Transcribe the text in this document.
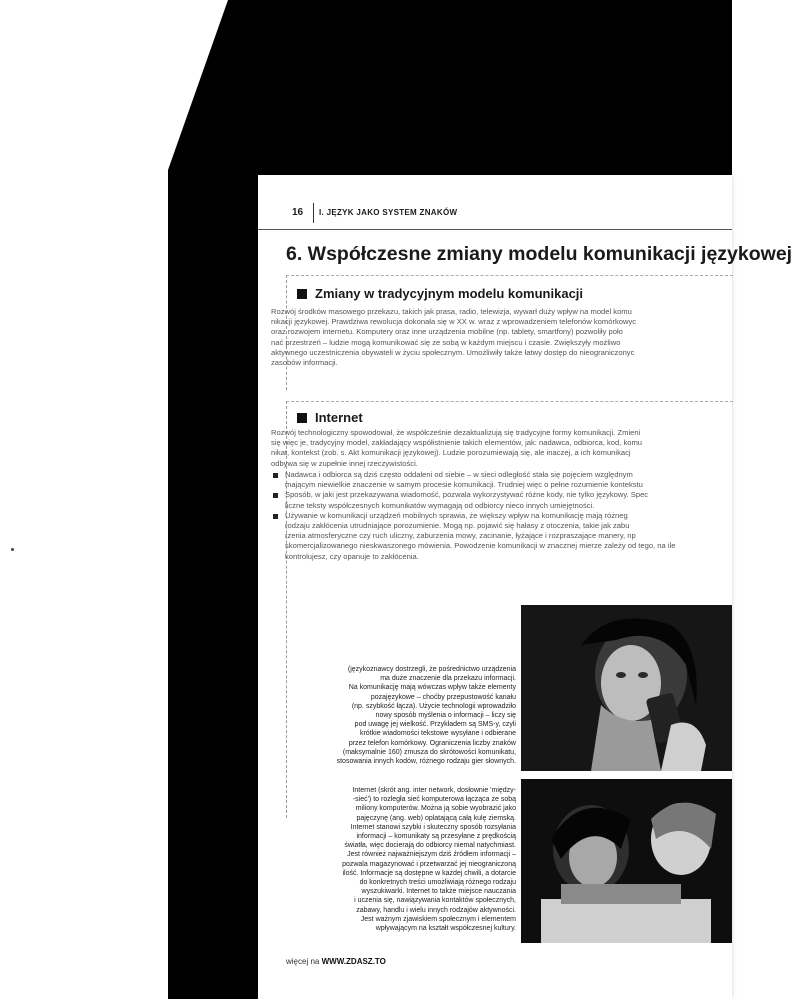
16 I. JĘZYK JAKO SYSTEM ZNAKÓW
6. Współczesne zmiany modelu komunikacji językowej
Zmiany w tradycyjnym modelu komunikacji
Rozwój środków masowego przekazu, takich jak prasa, radio, telewizja, wywarł duży wpływ na model komu
nikacji językowej. Prawdziwa rewolucja dokonała się w XX w. wraz z wprowadzeniem telefonów komórkowyc
oraz rozwojem internetu. Komputery oraz inne urządzenia mobilne (np. tablety, smartfony) pozwoliły poło
nać przestrzeń – ludzie mogą komunikować się ze sobą w każdym miejscu i czasie. Zwiększyły możliwo
aktywnego uczestniczenia obywateli w życiu społecznym. Umożliwiły także łatwy dostęp do nieograniczonyc
zasobów informacji.
Internet
Rozwój technologiczny spowodował, że współcześnie dezaktualizują się tradycyjne formy komunikacji. Zmieni
się więc je, tradycyjny model, zakładający współistnienie takich elementów, jak: nadawca, odbiorca, kod, komu
nikat, kontekst (zob. s. Akt komunikacji językowej). Ludzie porozumiewają się, ale inaczej, a ich komunikacj
odbywa się w zupełnie innej rzeczywistości.
Nadawca i odbiorca są dziś często oddaleni od siebie – w sieci odległość stała się pojęciem względnym
mającym niewielkie znaczenie w samym procesie komunikacji. Trudniej więc o pełne rozumienie kontekstu
Sposób, w jaki jest przekazywana wiadomość, pozwala wykorzystywać różne kody, nie tylko językowy. Spec
liczne teksty współczesnych komunikatów wymagają od odbiorcy nieco innych umiejętności.
Używanie w komunikacji urządzeń mobilnych sprawia, że większy wpływ na komunikację mają różneg
rodzaju zakłócenia utrudniające porozumienie. Mogą np. pojawić się hałasy z otoczenia, takie jak zabu
rzenia atmosferyczne czy ruch uliczny, zaburzenia mowy, zacinanie, łyżające i rozpraszające manery, np
skomercjalizowanego nieskwaszonego mówienia. Powodzenie komunikacji w znacznej mierze zależy od tego, na ile
kontrolujesz, czy opanuje to zakłócenia.
(językoznawcy dostrzegli, że pośrednictwo urządzenia
ma duże znaczenie dla przekazu informacji.
Na komunikację mają wówczas wpływ także elementy
pozajęzykowe – choćby przepustowość kanału
(np. szybkość łącza). Użycie technologii wprowadziło
nowy sposób myślenia o informacji – liczy się
pod uwagę jej wielkość. Przykładem są SMS-y, czyli
krótkie wiadomości tekstowe wysyłane i odbierane
przez telefon komórkowy. Ograniczenia liczby znaków
(maksymalnie 160) zmusza do skrótowości komunikatu,
stosowania innych kodów, różnego rodzaju gier słownych.
Internet (skrót ang. inter network, dosłownie 'między-
-sieć') to rozległa sieć komputerowa łącząca ze sobą
miliony komputerów. Można ją sobie wyobrazić jako
pajęczynę (ang. web) oplatającą całą kulę ziemską.
Internet stanowi szybki i skuteczny sposób rozsyłania
informacji – komunikaty są przesyłane z prędkością
światła, więc docierają do odbiorcy niemal natychmiast.
Jest również najważniejszym dziś źródłem informacji –
pozwala magazynować i przetwarzać jej nieograniczoną
ilość. Informacje są dostępne w każdej chwili, a dotarcie
do konkretnych treści umożliwiają różnego rodzaju
wyszukiwarki. Internet to także miejsce nauczania
i uczenia się, nawiązywania kontaktów społecznych,
zabawy, handlu i wielu innych rodzajów aktywności.
Jest ważnym zjawiskiem społecznym i elementem
wpływającym na kształt współczesnej kultury.
więcej na WWW.ZDASZ.TO
